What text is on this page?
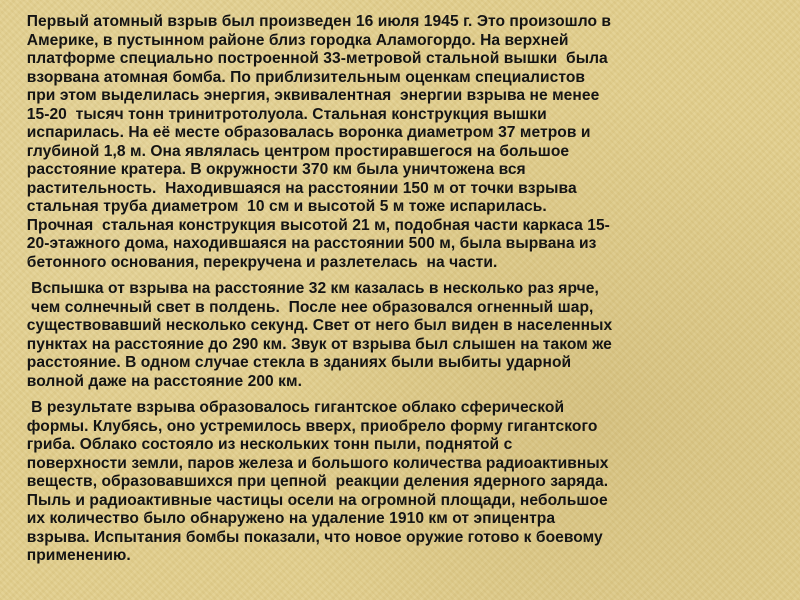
Первый атомный взрыв был произведен 16 июля 1945 г. Это произошло в
Америке, в пустынном районе близ городка Аламогордо. На верхней
платформе специально построенной 33-метровой стальной вышки  была
взорвана атомная бомба. По приблизительным оценкам специалистов
при этом выделилась энергия, эквивалентная  энергии взрыва не менее
15-20  тысяч тонн тринитротолуола. Стальная конструкция вышки
испарилась. На её месте образовалась воронка диаметром 37 метров и
глубиной 1,8 м. Она являлась центром простиравшегося на большое
расстояние кратера. В окружности 370 км была уничтожена вся
растительность.  Находившаяся на расстоянии 150 м от точки взрыва
стальная труба диаметром  10 см и высотой 5 м тоже испарилась.
Прочная  стальная конструкция высотой 21 м, подобная части каркаса 15-
20-этажного дома, находившаяся на расстоянии 500 м, была вырвана из
бетонного основания, перекручена и разлетелась  на части.
Вспышка от взрыва на расстояние 32 км казалась в несколько раз ярче,
чем солнечный свет в полдень.  После нее образовался огненный шар,
существовавший несколько секунд. Свет от него был виден в населенных
пунктах на расстояние до 290 км. Звук от взрыва был слышен на таком же
расстояние. В одном случае стекла в зданиях были выбиты ударной
волной даже на расстояние 200 км.
В результате взрыва образовалось гигантское облако сферической
формы. Клубясь, оно устремилось вверх, приобрело форму гигантского
гриба. Облако состояло из нескольких тонн пыли, поднятой с
поверхности земли, паров железа и большого количества радиоактивных
веществ, образовавшихся при цепной  реакции деления ядерного заряда.
Пыль и радиоактивные частицы осели на огромной площади, небольшое
их количество было обнаружено на удаление 1910 км от эпицентра
взрыва. Испытания бомбы показали, что новое оружие готово к боевому
применению.
